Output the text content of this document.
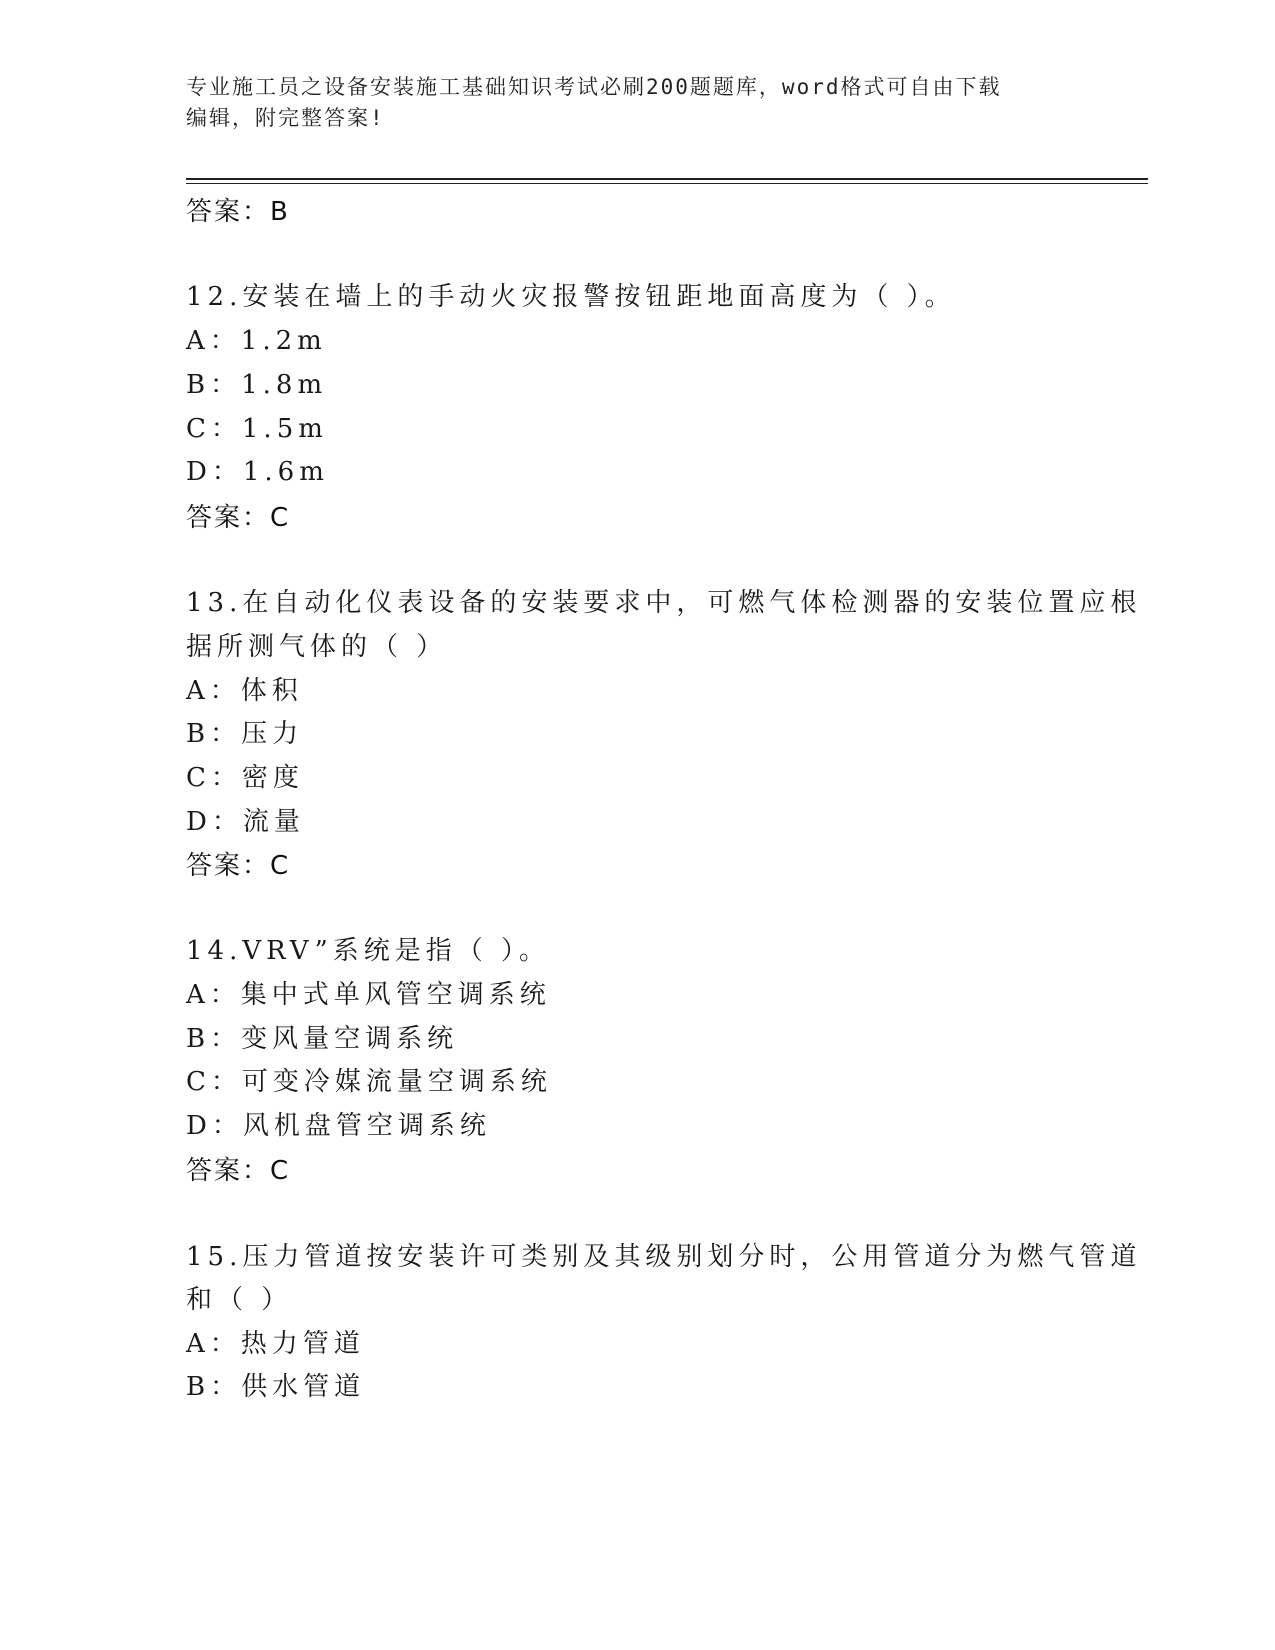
专业施工员之设备安装施工基础知识考试必刷200题题库，word格式可自由下载
编辑，附完整答案!
答案：B
12.安装在墙上的手动火灾报警按钮距地面高度为（ ）。
A：1.2m
B：1.8m
C：1.5m
D：1.6m
答案：C
13.在自动化仪表设备的安装要求中，可燃气体检测器的安装位置应根
据所测气体的（ ）
A：体积
B：压力
C：密度
D：流量
答案：C
14.VRV”系统是指（ ）。
A：集中式单风管空调系统
B：变风量空调系统
C：可变冷媒流量空调系统
D：风机盘管空调系统
答案：C
15.压力管道按安装许可类别及其级别划分时，公用管道分为燃气管道
和（ ）
A：热力管道
B：供水管道
